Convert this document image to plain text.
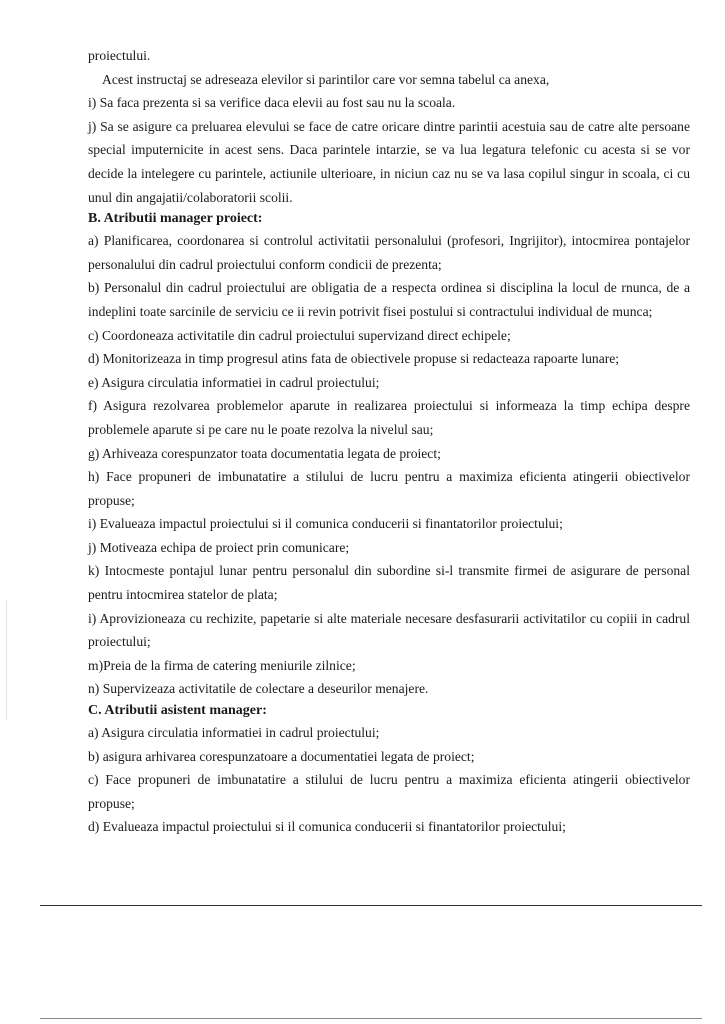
proiectului.

Acest instructaj se adreseaza elevilor si parintilor care vor semna tabelul ca anexa,

i) Sa faca prezenta si sa verifice daca elevii au fost sau nu la scoala.

j) Sa se asigure ca preluarea elevului se face de catre oricare dintre parintii acestuia sau de catre alte persoane special imputernicite in acest sens. Daca parintele intarzie, se va lua legatura telefonic cu acesta si se vor decide la intelegere cu parintele, actiunile ulterioare, in niciun caz nu se va lasa copilul singur in scoala, ci cu unul din angajatii/colaboratorii scolii.

B. Atributii manager proiect:

a) Planificarea, coordonarea si controlul activitatii personalului (profesori, Ingrijitor), intocmirea pontajelor personalului din cadrul proiectului conform condicii de prezenta;

b) Personalul din cadrul proiectului are obligatia de a respecta ordinea si disciplina la locul de rnunca, de a indeplini toate sarcinile de serviciu ce ii revin potrivit fisei postului si contractului individual de munca;

c) Coordoneaza activitatile din cadrul proiectului supervizand direct echipele;

d) Monitorizeaza in timp progresul atins fata de obiectivele propuse si redacteaza rapoarte lunare;

e) Asigura circulatia informatiei in cadrul proiectului;

f) Asigura rezolvarea problemelor aparute in realizarea proiectului si informeaza la timp echipa despre problemele aparute si pe care nu le poate rezolva la nivelul sau;

g) Arhiveaza corespunzator toata documentatia legata de proiect;

h) Face propuneri de imbunatatire a stilului de lucru pentru a maximiza eficienta atingerii obiectivelor propuse;

i) Evalueaza impactul proiectului si il comunica conducerii si finantatorilor proiectului;

j) Motiveaza echipa de proiect prin comunicare;

k) Intocmeste pontajul lunar pentru personalul din subordine si-l transmite firmei de asigurare de personal pentru intocmirea statelor de plata;

i) Aprovizioneaza cu rechizite, papetarie si alte materiale necesare desfasurarii activitatilor cu copiii in cadrul proiectului;

m)Preia de la firma de catering meniurile zilnice;

n) Supervizeaza activitatile de colectare a deseurilor menajere.

C. Atributii asistent manager:

a) Asigura circulatia informatiei in cadrul proiectului;

b) asigura arhivarea corespunzatoare a documentatiei legata de proiect;

c) Face propuneri de imbunatatire a stilului de lucru pentru a maximiza eficienta atingerii obiectivelor propuse;

d) Evalueaza impactul proiectului si il comunica conducerii si finantatorilor proiectului;
